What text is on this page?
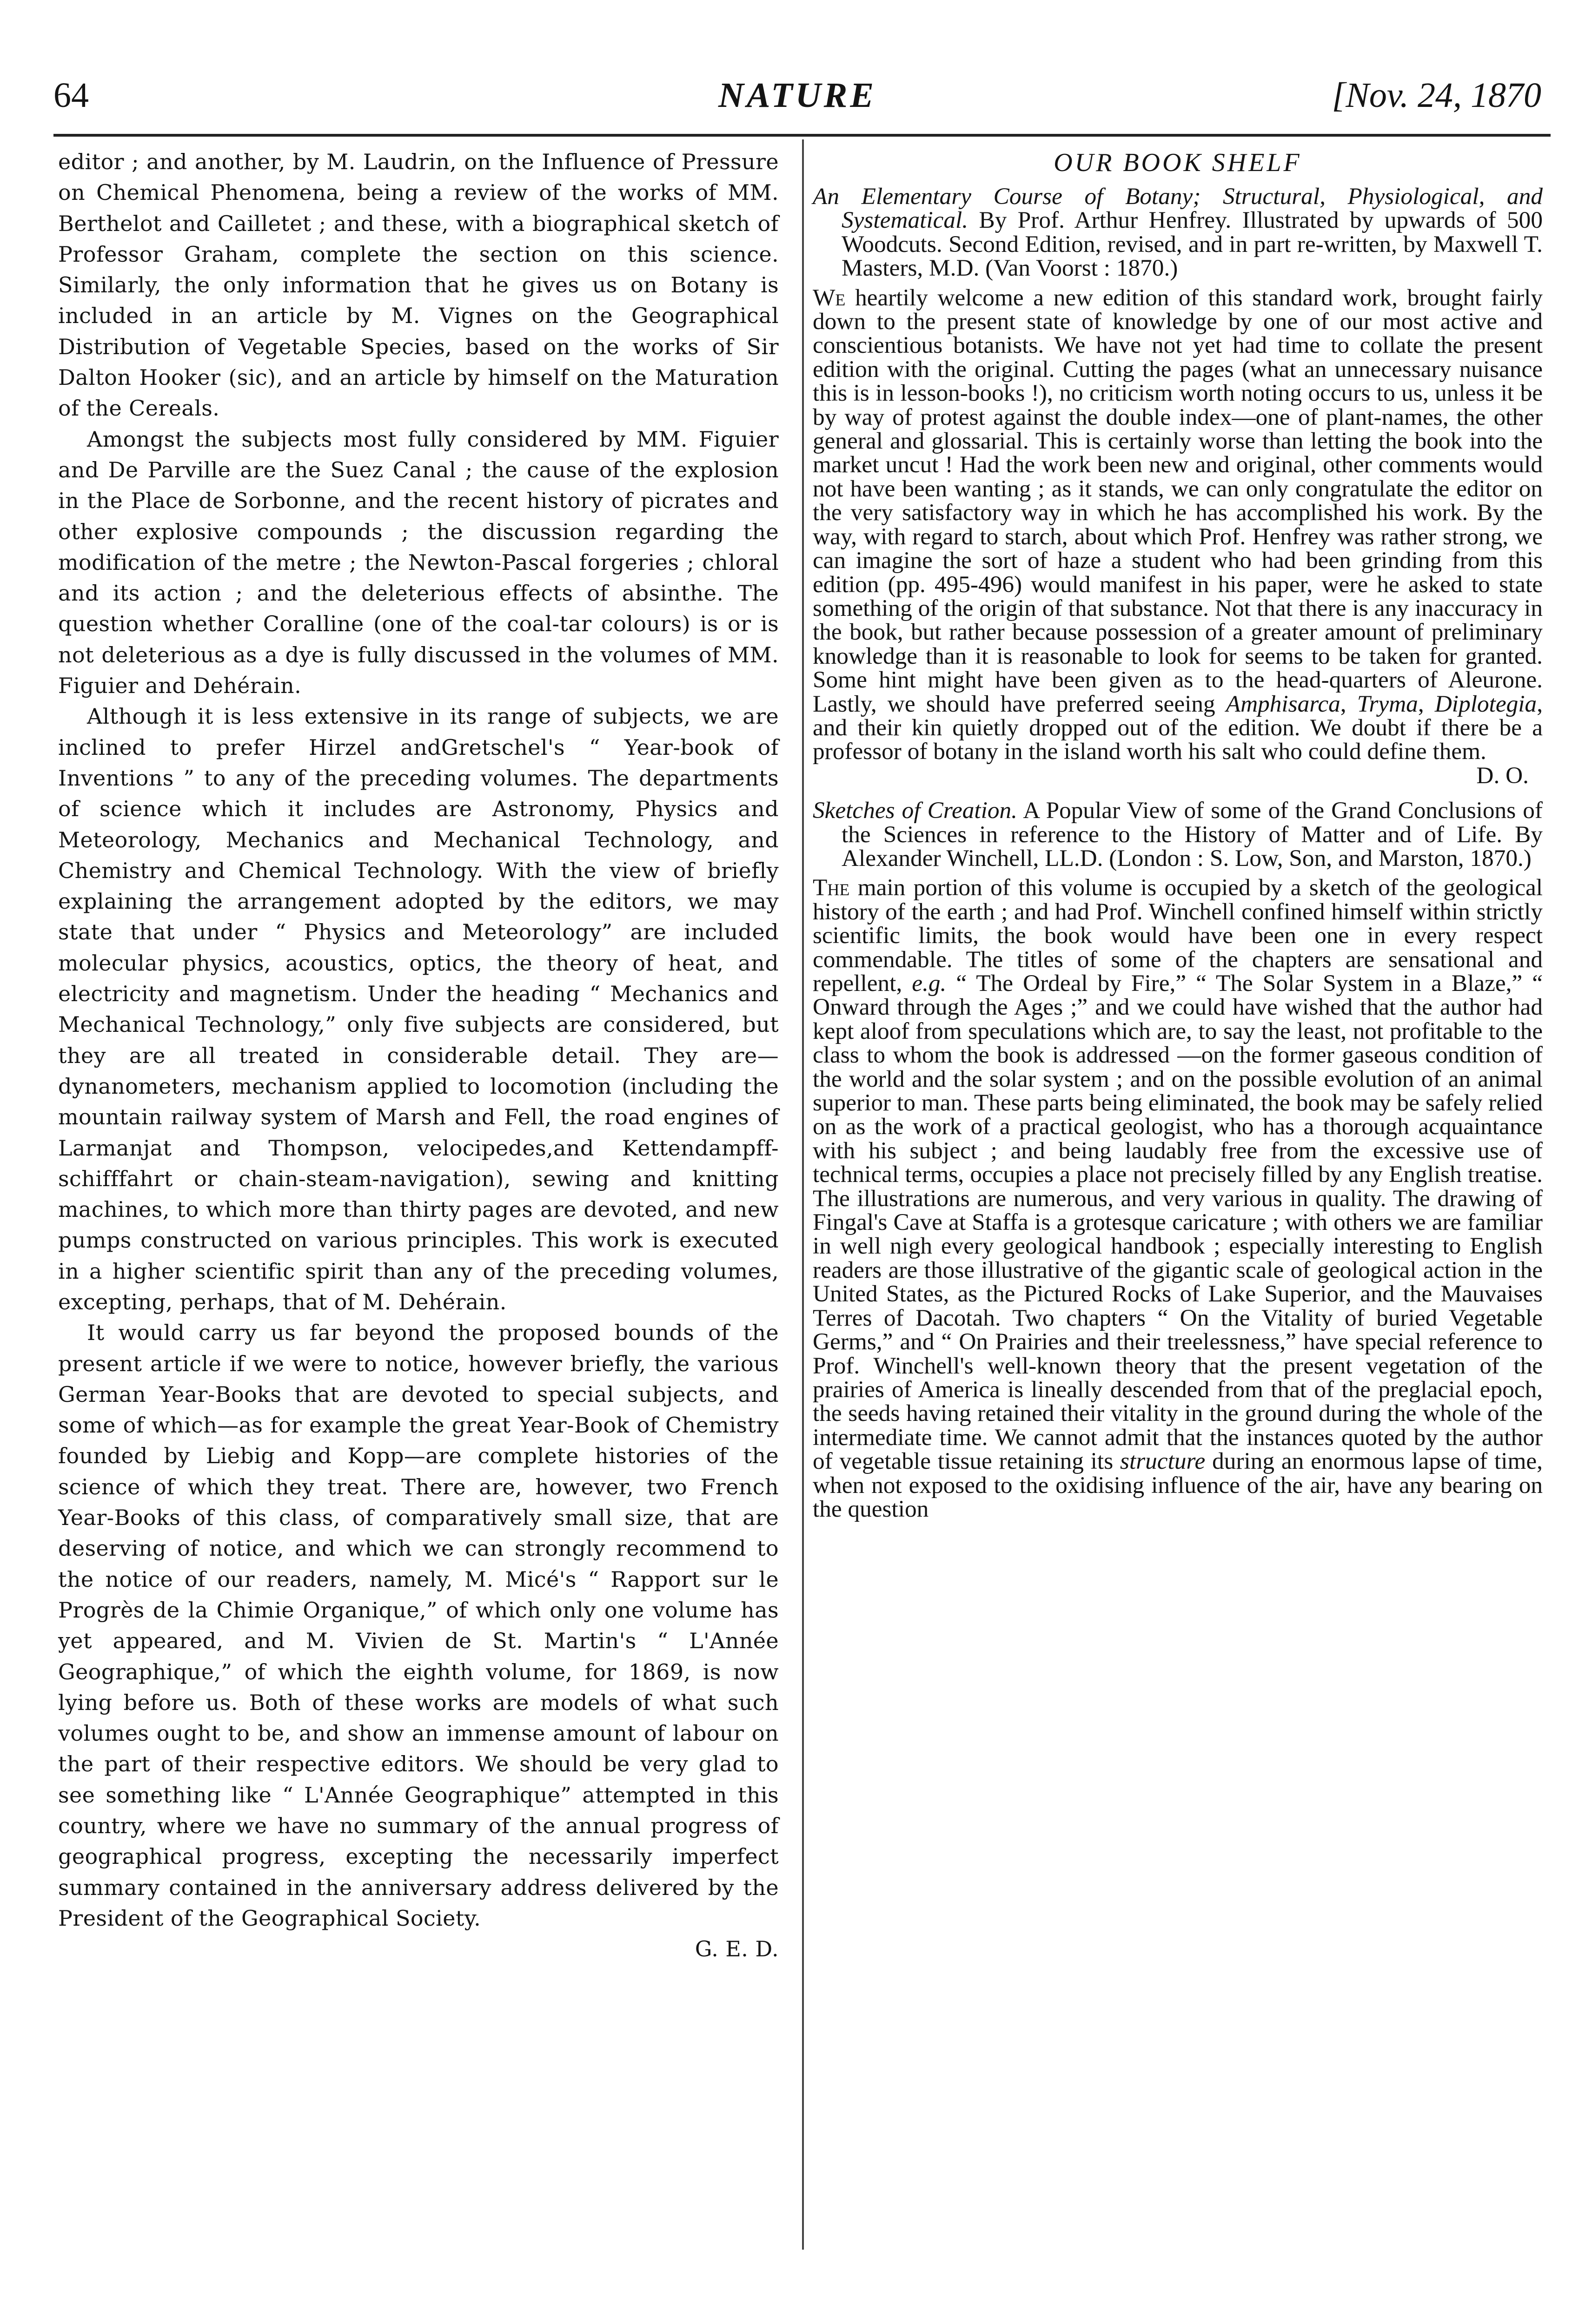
64	NATURE	[Nov. 24, 1870

editor ; and another, by M. Laudrin, on the Influence of Pressure on Chemical Phenomena, being a review of the works of MM. Berthelot and Cailletet ; and these, with a biographical sketch of Professor Graham, complete the section on this science. Similarly, the only information that he gives us on Botany is included in an article by M. Vignes on the Geographical Distribution of Vegetable Species, based on the works of Sir Dalton Hooker (sic), and an article by himself on the Maturation of the Cereals.

Amongst the subjects most fully considered by MM. Figuier and De Parville are the Suez Canal ; the cause of the explosion in the Place de Sorbonne, and the recent history of picrates and other explosive compounds ; the discussion regarding the modification of the metre ; the Newton-Pascal forgeries ; chloral and its action ; and the deleterious effects of absinthe. The question whether Coralline (one of the coal-tar colours) is or is not deleterious as a dye is fully discussed in the volumes of MM. Figuier and Dehérain.

Although it is less extensive in its range of subjects, we are inclined to prefer Hirzel andGretschel's “ Year-book of Inventions ” to any of the preceding volumes. The departments of science which it includes are Astronomy, Physics and Meteorology, Mechanics and Mechanical Technology, and Chemistry and Chemical Technology. With the view of briefly explaining the arrangement adopted by the editors, we may state that under “ Physics and Meteorology” are included molecular physics, acoustics, optics, the theory of heat, and electricity and magnetism. Under the heading “ Mechanics and Mechanical Technology,” only five subjects are considered, but they are all treated in considerable detail. They are—dynanometers, mechanism applied to locomotion (including the mountain railway system of Marsh and Fell, the road engines of Larmanjat and Thompson, velocipedes,and Kettendampff-schifffahrt or chain-steam-navigation), sewing and knitting machines, to which more than thirty pages are devoted, and new pumps constructed on various principles. This work is executed in a higher scientific spirit than any of the preceding volumes, excepting, perhaps, that of M. Dehérain.

It would carry us far beyond the proposed bounds of the present article if we were to notice, however briefly, the various German Year-Books that are devoted to special subjects, and some of which—as for example the great Year-Book of Chemistry founded by Liebig and Kopp—are complete histories of the science of which they treat. There are, however, two French Year-Books of this class, of comparatively small size, that are deserving of notice, and which we can strongly recommend to the notice of our readers, namely, M. Micé's “ Rapport sur le Progrès de la Chimie Organique,” of which only one volume has yet appeared, and M. Vivien de St. Martin's “ L'Année Geographique,” of which the eighth volume, for 1869, is now lying before us. Both of these works are models of what such volumes ought to be, and show an immense amount of labour on the part of their respective editors. We should be very glad to see something like “ L'Année Geographique” attempted in this country, where we have no summary of the annual progress of geographical progress, excepting the necessarily imperfect summary contained in the anniversary address delivered by the President of the Geographical Society.
G. E. D.

OUR BOOK SHELF
An Elementary Course of Botany; Structural, Physiological, and Systematical. By Prof. Arthur Henfrey. Illustrated by upwards of 500 Woodcuts. Second Edition, revised, and in part re-written, by Maxwell T. Masters, M.D. (Van Voorst : 1870.)

We heartily welcome a new edition of this standard work, brought fairly down to the present state of knowledge by one of our most active and conscientious botanists. We have not yet had time to collate the present edition with the original. Cutting the pages (what an unnecessary nuisance this is in lesson-books !), no criticism worth noting occurs to us, unless it be by way of protest against the double index—one of plant-names, the other general and glossarial. This is certainly worse than letting the book into the market uncut ! Had the work been new and original, other comments would not have been wanting ; as it stands, we can only congratulate the editor on the very satisfactory way in which he has accomplished his work. By the way, with regard to starch, about which Prof. Henfrey was rather strong, we can imagine the sort of haze a student who had been grinding from this edition (pp. 495-496) would manifest in his paper, were he asked to state something of the origin of that substance. Not that there is any inaccuracy in the book, but rather because possession of a greater amount of preliminary knowledge than it is reasonable to look for seems to be taken for granted. Some hint might have been given as to the head-quarters of Aleurone. Lastly, we should have preferred seeing Amphisarca, Tryma, Diplotegia, and their kin quietly dropped out of the edition. We doubt if there be a professor of botany in the island worth his salt who could define them.
D. O.

Sketches of Creation. A Popular View of some of the Grand Conclusions of the Sciences in reference to the History of Matter and of Life. By Alexander Winchell, LL.D. (London : S. Low, Son, and Marston, 1870.)

The main portion of this volume is occupied by a sketch of the geological history of the earth ; and had Prof. Winchell confined himself within strictly scientific limits, the book would have been one in every respect commendable. The titles of some of the chapters are sensational and repellent, e.g. “ The Ordeal by Fire,” “ The Solar System in a Blaze,” “ Onward through the Ages ;” and we could have wished that the author had kept aloof from speculations which are, to say the least, not profitable to the class to whom the book is addressed —on the former gaseous condition of the world and the solar system ; and on the possible evolution of an animal superior to man. These parts being eliminated, the book may be safely relied on as the work of a practical geologist, who has a thorough acquaintance with his subject ; and being laudably free from the excessive use of technical terms, occupies a place not precisely filled by any English treatise. The illustrations are numerous, and very various in quality. The drawing of Fingal's Cave at Staffa is a grotesque caricature ; with others we are familiar in well nigh every geological handbook ; especially interesting to English readers are those illustrative of the gigantic scale of geological action in the United States, as the Pictured Rocks of Lake Superior, and the Mauvaises Terres of Dacotah. Two chapters “ On the Vitality of buried Vegetable Germs,” and “ On Prairies and their treelessness,” have special reference to Prof. Winchell's well-known theory that the present vegetation of the prairies of America is lineally descended from that of the preglacial epoch, the seeds having retained their vitality in the ground during the whole of the intermediate time. We cannot admit that the instances quoted by the author of vegetable tissue retaining its structure during an enormous lapse of time, when not exposed to the oxidising influence of the air, have any bearing on the question
